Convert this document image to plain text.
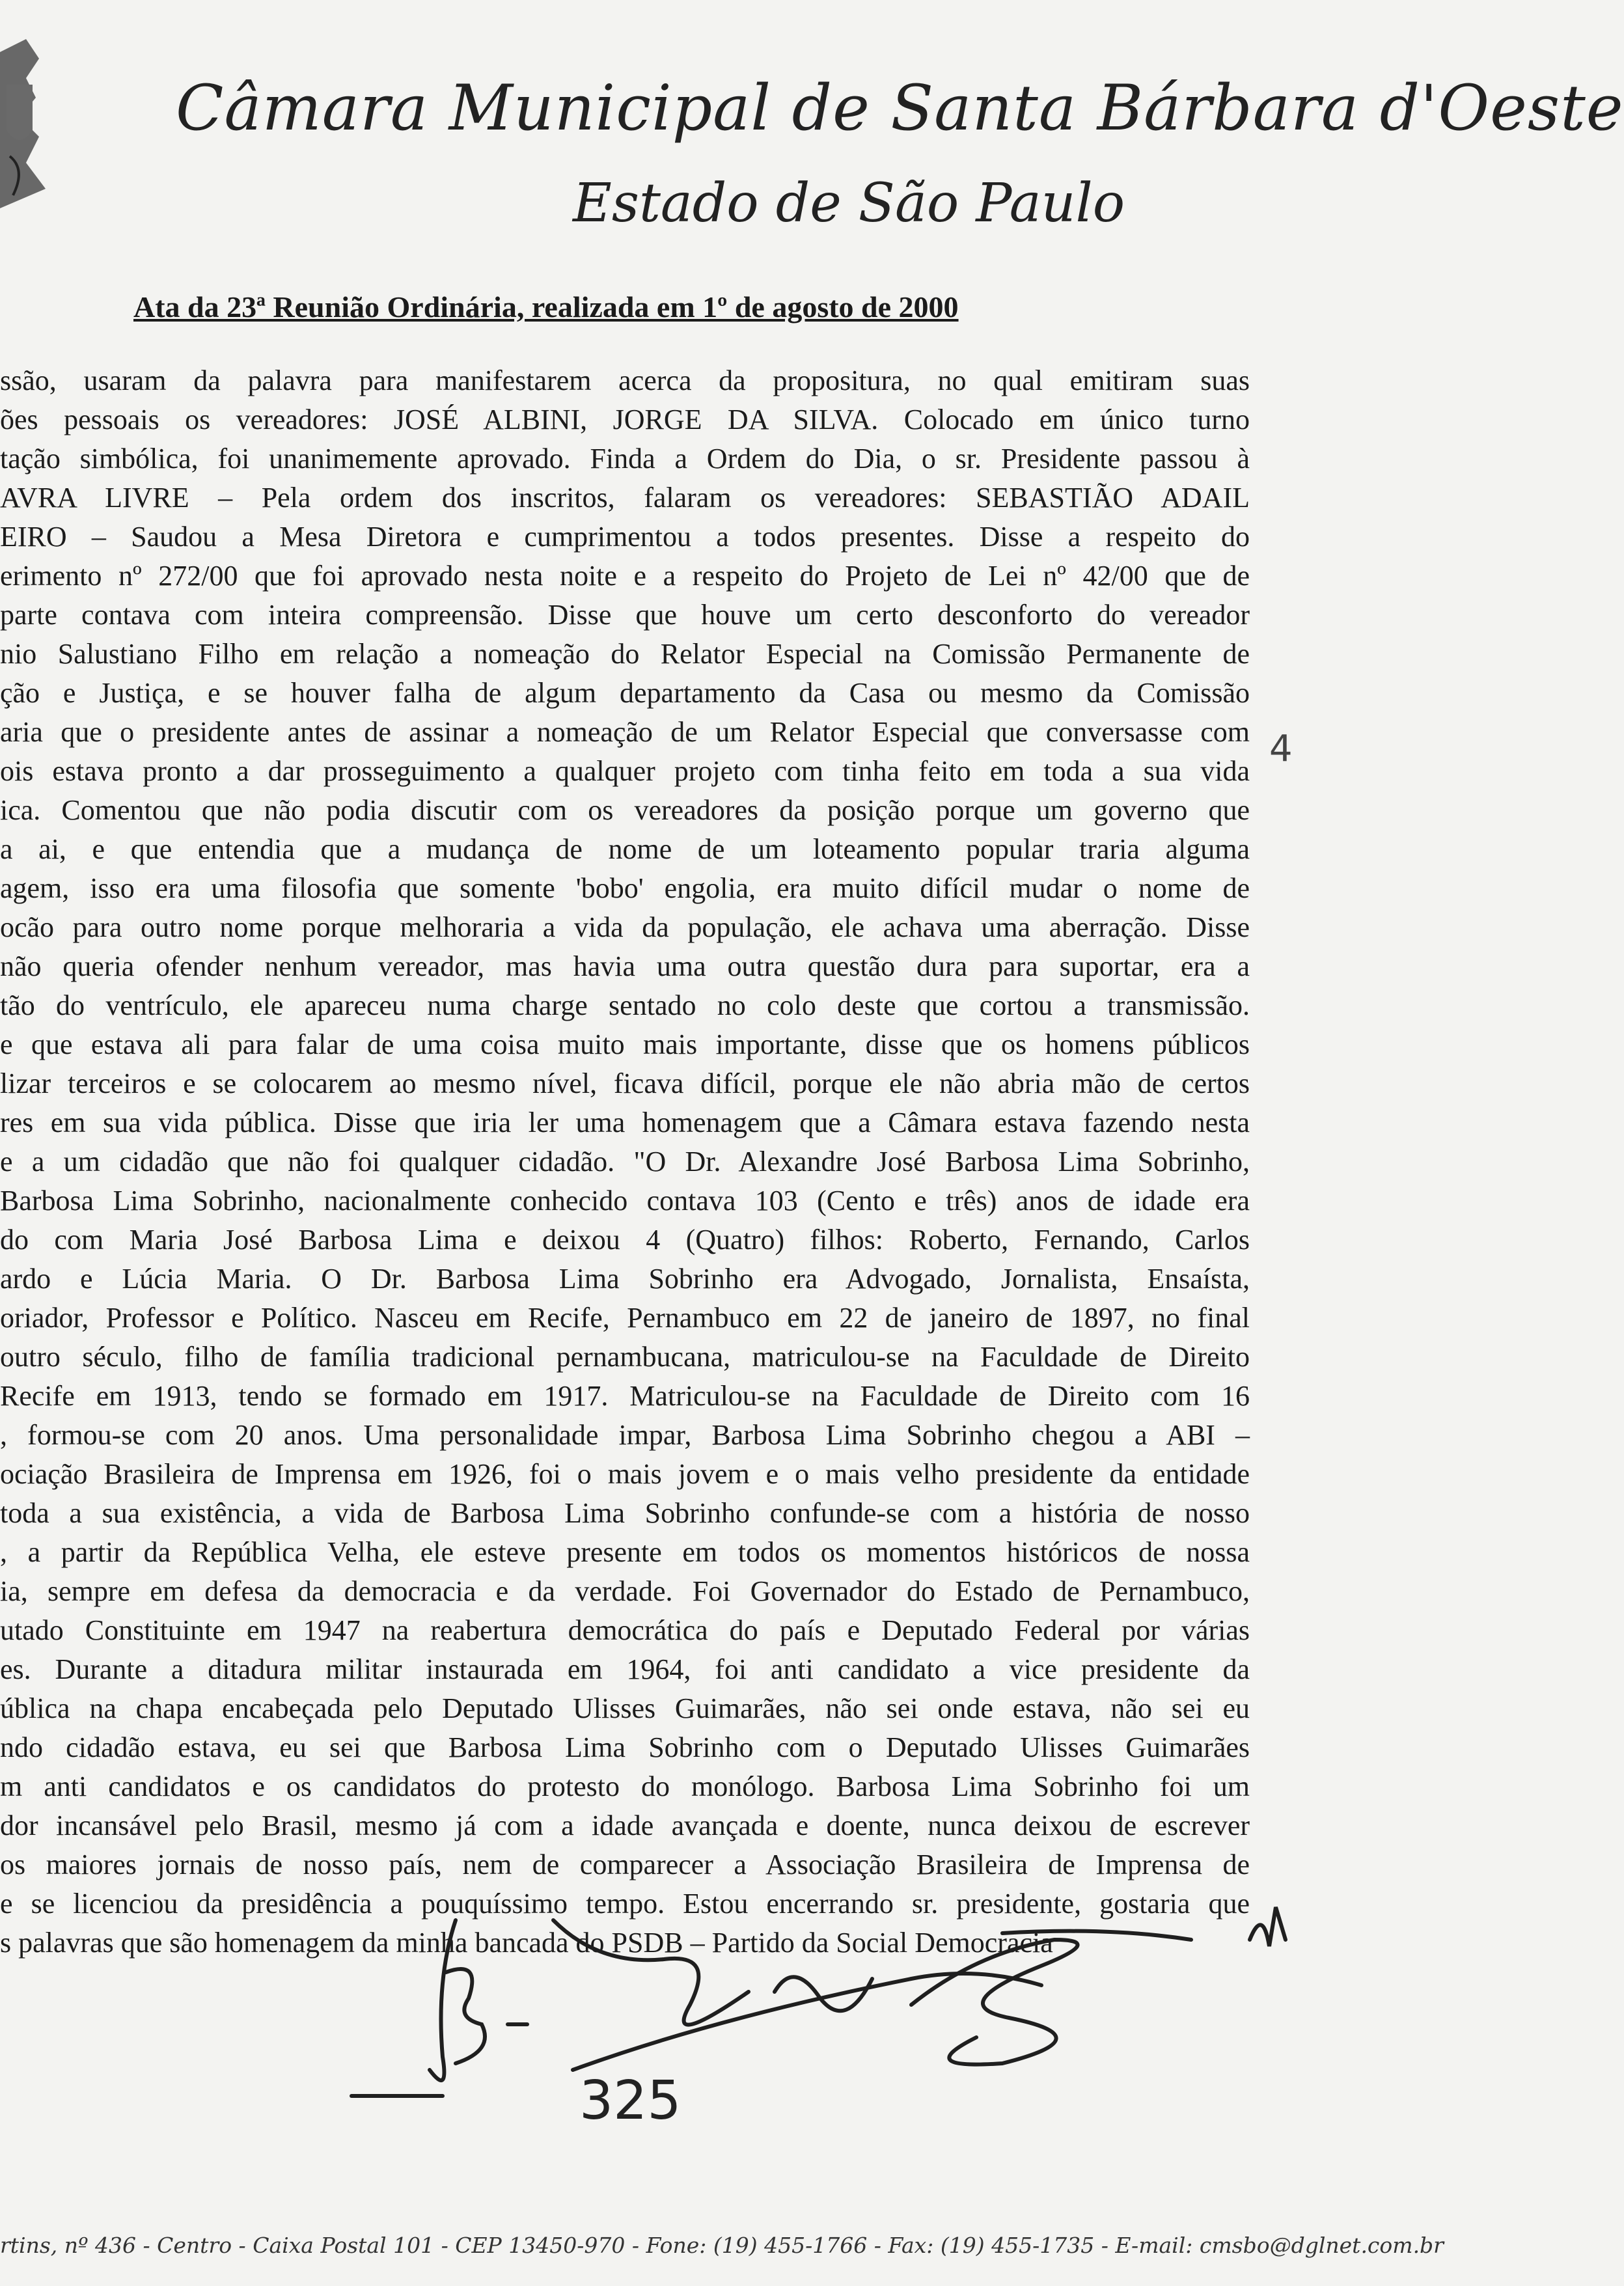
Câmara Municipal de Santa Bárbara d'Oeste
Estado de São Paulo
Ata da 23ª Reunião Ordinária, realizada em 1º de agosto de 2000
ssão, usaram da palavra para manifestarem acerca da propositura, no qual emitiram suas
ões pessoais os vereadores: JOSÉ ALBINI, JORGE DA SILVA. Colocado em único turno
tação simbólica, foi unanimemente aprovado. Finda a Ordem do Dia, o sr. Presidente passou à
AVRA LIVRE – Pela ordem dos inscritos, falaram os vereadores: SEBASTIÃO ADAIL
EIRO – Saudou a Mesa Diretora e cumprimentou a todos presentes. Disse a respeito do
erimento nº 272/00 que foi aprovado nesta noite e a respeito do Projeto de Lei nº 42/00 que de
parte contava com inteira compreensão. Disse que houve um certo desconforto do vereador
nio Salustiano Filho em relação a nomeação do Relator Especial na Comissão Permanente de
ção e Justiça, e se houver falha de algum departamento da Casa ou mesmo da Comissão
aria que o presidente antes de assinar a nomeação de um Relator Especial que conversasse com
ois estava pronto a dar prosseguimento a qualquer projeto com tinha feito em toda a sua vida
ica. Comentou que não podia discutir com os vereadores da posição porque um governo que
a ai, e que entendia que a mudança de nome de um loteamento popular traria alguma
agem, isso era uma filosofia que somente 'bobo' engolia, era muito difícil mudar o nome de
ocão para outro nome porque melhoraria a vida da população, ele achava uma aberração. Disse
não queria ofender nenhum vereador, mas havia uma outra questão dura para suportar, era a
tão do ventrículo, ele apareceu numa charge sentado no colo deste que cortou a transmissão.
e que estava ali para falar de uma coisa muito mais importante, disse que os homens públicos
lizar terceiros e se colocarem ao mesmo nível, ficava difícil, porque ele não abria mão de certos
res em sua vida pública. Disse que iria ler uma homenagem que a Câmara estava fazendo nesta
e a um cidadão que não foi qualquer cidadão. "O Dr. Alexandre José Barbosa Lima Sobrinho,
Barbosa Lima Sobrinho, nacionalmente conhecido contava 103 (Cento e três) anos de idade era
do com Maria José Barbosa Lima e deixou 4 (Quatro) filhos: Roberto, Fernando, Carlos
ardo e Lúcia Maria. O Dr. Barbosa Lima Sobrinho era Advogado, Jornalista, Ensaísta,
oriador, Professor e Político. Nasceu em Recife, Pernambuco em 22 de janeiro de 1897, no final
outro século, filho de família tradicional pernambucana, matriculou-se na Faculdade de Direito
Recife em 1913, tendo se formado em 1917. Matriculou-se na Faculdade de Direito com 16
, formou-se com 20 anos. Uma personalidade impar, Barbosa Lima Sobrinho chegou a ABI –
ociação Brasileira de Imprensa em 1926, foi o mais jovem e o mais velho presidente da entidade
toda a sua existência, a vida de Barbosa Lima Sobrinho confunde-se com a história de nosso
, a partir da República Velha, ele esteve presente em todos os momentos históricos de nossa
ia, sempre em defesa da democracia e da verdade. Foi Governador do Estado de Pernambuco,
utado Constituinte em 1947 na reabertura democrática do país e Deputado Federal por várias
es. Durante a ditadura militar instaurada em 1964, foi anti candidato a vice presidente da
ública na chapa encabeçada pelo Deputado Ulisses Guimarães, não sei onde estava, não sei eu
ndo cidadão estava, eu sei que Barbosa Lima Sobrinho com o Deputado Ulisses Guimarães
m anti candidatos e os candidatos do protesto do monólogo. Barbosa Lima Sobrinho foi um
dor incansável pelo Brasil, mesmo já com a idade avançada e doente, nunca deixou de escrever
os maiores jornais de nosso país, nem de comparecer a Associação Brasileira de Imprensa de
e se licenciou da presidência a pouquíssimo tempo. Estou encerrando sr. presidente, gostaria que
s palavras que são homenagem da minha bancada do PSDB – Partido da Social Democracia
4
325
rtins, nº 436 - Centro - Caixa Postal 101 - CEP 13450-970 - Fone: (19) 455-1766 - Fax: (19) 455-1735 - E-mail: cmsbo@dglnet.com.br
